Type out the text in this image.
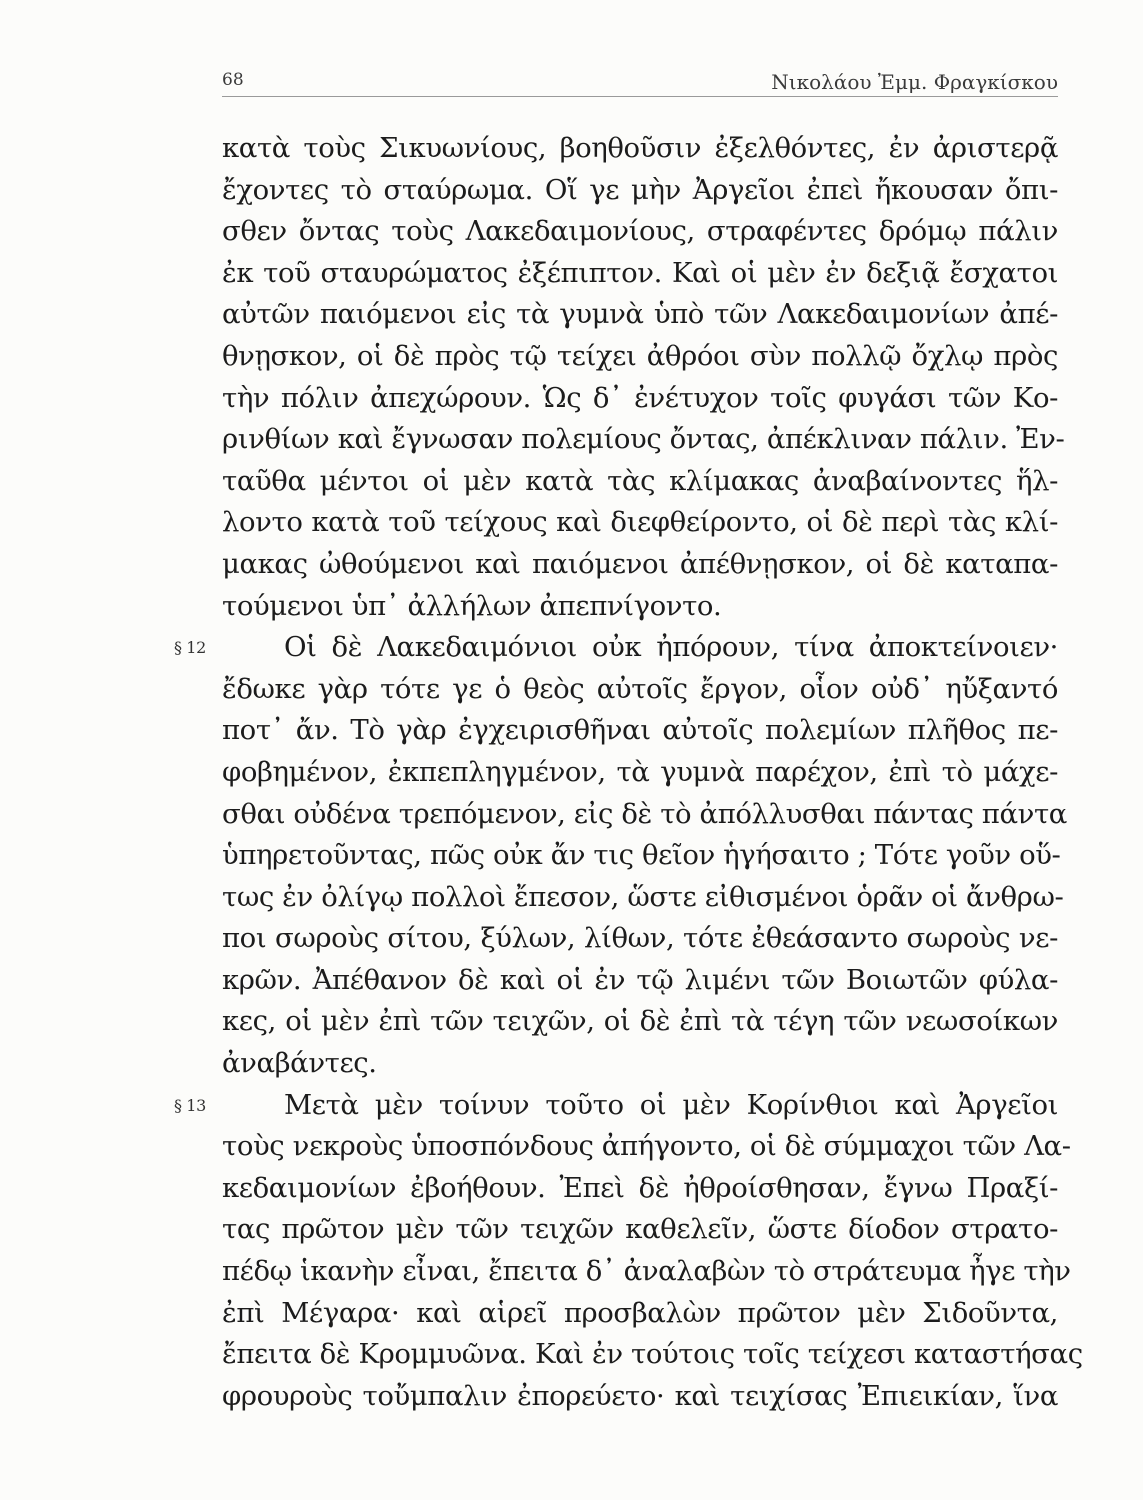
68	Νικολάου Ἐμμ. Φραγκίσκου
κατὰ τοὺς Σικυωνίους, βοηθοῦσιν ἐξελθόντες, ἐν ἀριστερᾷ
ἔχοντες τὸ σταύρωμα. Οἵ γε μὴν Ἀργεῖοι ἐπεὶ ἤκουσαν ὄπι-
σθεν ὄντας τοὺς Λακεδαιμονίους, στραφέντες δρόμῳ πάλιν
ἐκ τοῦ σταυρώματος ἐξέπιπτον. Καὶ οἱ μὲν ἐν δεξιᾷ ἔσχατοι
αὐτῶν παιόμενοι εἰς τὰ γυμνὰ ὑπὸ τῶν Λακεδαιμονίων ἀπέ-
θνῃσκον, οἱ δὲ πρὸς τῷ τείχει ἀθρόοι σὺν πολλῷ ὄχλῳ πρὸς
τὴν πόλιν ἀπεχώρουν. Ὡς δ᾽ ἐνέτυχον τοῖς φυγάσι τῶν Κο-
ρινθίων καὶ ἔγνωσαν πολεμίους ὄντας, ἀπέκλιναν πάλιν. Ἐν-
ταῦθα μέντοι οἱ μὲν κατὰ τὰς κλίμακας ἀναβαίνοντες ἥλ-
λοντο κατὰ τοῦ τείχους καὶ διεφθείροντο, οἱ δὲ περὶ τὰς κλί-
μακας ὠθούμενοι καὶ παιόμενοι ἀπέθνῃσκον, οἱ δὲ καταπα-
τούμενοι ὑπ᾽ ἀλλήλων ἀπεπνίγοντο.
§ 12	Οἱ δὲ Λακεδαιμόνιοι οὐκ ἠπόρουν, τίνα ἀποκτείνοιεν·
ἔδωκε γὰρ τότε γε ὁ θεὸς αὐτοῖς ἔργον, οἷον οὐδ᾽ ηὔξαντό
ποτ᾽ ἄν. Τὸ γὰρ ἐγχειρισθῆναι αὐτοῖς πολεμίων πλῆθος πε-
φοβημένον, ἐκπεπληγμένον, τὰ γυμνὰ παρέχον, ἐπὶ τὸ μάχε-
σθαι οὐδένα τρεπόμενον, εἰς δὲ τὸ ἀπόλλυσθαι πάντας πάντα
ὑπηρετοῦντας, πῶς οὐκ ἄν τις θεῖον ἡγήσαιτο ; Τότε γοῦν οὕ-
τως ἐν ὀλίγῳ πολλοὶ ἔπεσον, ὥστε εἰθισμένοι ὁρᾶν οἱ ἄνθρω-
ποι σωροὺς σίτου, ξύλων, λίθων, τότε ἐθεάσαντο σωροὺς νε-
κρῶν. Ἀπέθανον δὲ καὶ οἱ ἐν τῷ λιμένι τῶν Βοιωτῶν φύλα-
κες, οἱ μὲν ἐπὶ τῶν τειχῶν, οἱ δὲ ἐπὶ τὰ τέγη τῶν νεωσοίκων
ἀναβάντες.
§ 13	Μετὰ μὲν τοίνυν τοῦτο οἱ μὲν Κορίνθιοι καὶ Ἀργεῖοι
τοὺς νεκροὺς ὑποσπόνδους ἀπήγοντο, οἱ δὲ σύμμαχοι τῶν Λα-
κεδαιμονίων ἐβοήθουν. Ἐπεὶ δὲ ἠθροίσθησαν, ἔγνω Πραξί-
τας πρῶτον μὲν τῶν τειχῶν καθελεῖν, ὥστε δίοδον στρατο-
πέδῳ ἱκανὴν εἶναι, ἔπειτα δ᾽ ἀναλαβὼν τὸ στράτευμα ἦγε τὴν
ἐπὶ Μέγαρα· καὶ αἱρεῖ προσβαλὼν πρῶτον μὲν Σιδοῦντα,
ἔπειτα δὲ Κρομμυῶνα. Καὶ ἐν τούτοις τοῖς τείχεσι καταστήσας
φρουροὺς τοὔμπαλιν ἐπορεύετο· καὶ τειχίσας Ἐπιεικίαν, ἵνα
